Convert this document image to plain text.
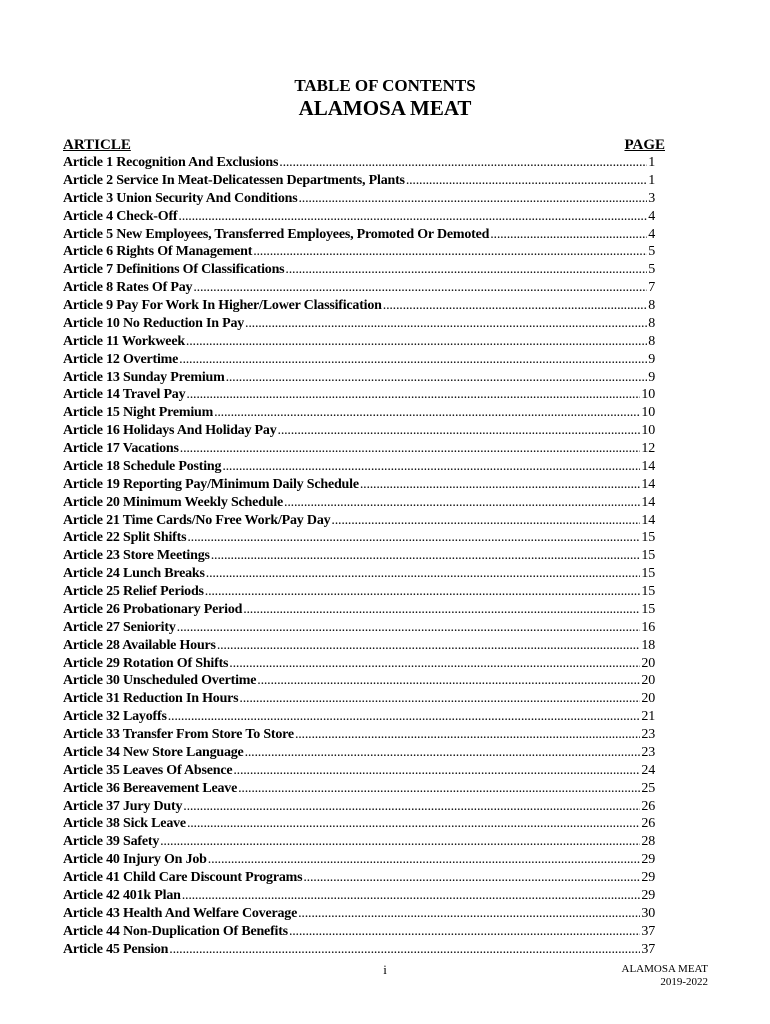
TABLE OF CONTENTS
ALAMOSA MEAT
ARTICLE	PAGE
Article 1 Recognition And Exclusions .....	1
Article 2 Service In Meat-Delicatessen Departments, Plants .....	1
Article 3 Union Security And Conditions .....	3
Article 4 Check-Off .....	4
Article 5 New Employees, Transferred Employees, Promoted Or Demoted .....	4
Article 6 Rights Of Management .....	5
Article 7 Definitions Of Classifications .....	5
Article 8 Rates Of Pay .....	7
Article 9 Pay For Work In Higher/Lower Classification .....	8
Article 10 No Reduction In Pay .....	8
Article 11 Workweek .....	8
Article 12 Overtime .....	9
Article 13 Sunday Premium .....	9
Article 14 Travel Pay .....	10
Article 15 Night Premium .....	10
Article 16 Holidays And Holiday Pay .....	10
Article 17 Vacations .....	12
Article 18 Schedule Posting .....	14
Article 19 Reporting Pay/Minimum Daily Schedule .....	14
Article 20 Minimum Weekly Schedule .....	14
Article 21 Time Cards/No Free Work/Pay Day .....	14
Article 22 Split Shifts .....	15
Article 23 Store Meetings .....	15
Article 24 Lunch Breaks .....	15
Article 25 Relief Periods .....	15
Article 26 Probationary Period .....	15
Article 27 Seniority .....	16
Article 28 Available Hours .....	18
Article 29 Rotation Of Shifts .....	20
Article 30 Unscheduled Overtime .....	20
Article 31 Reduction In Hours .....	20
Article 32 Layoffs .....	21
Article 33 Transfer From Store To Store .....	23
Article 34 New Store Language .....	23
Article 35 Leaves Of Absence .....	24
Article 36 Bereavement Leave .....	25
Article 37 Jury Duty .....	26
Article 38 Sick Leave .....	26
Article 39 Safety .....	28
Article 40 Injury On Job .....	29
Article 41 Child Care Discount Programs .....	29
Article 42 401k Plan .....	29
Article 43 Health And Welfare Coverage .....	30
Article 44 Non-Duplication Of Benefits .....	37
Article 45 Pension .....	37
i	ALAMOSA MEAT
2019-2022
